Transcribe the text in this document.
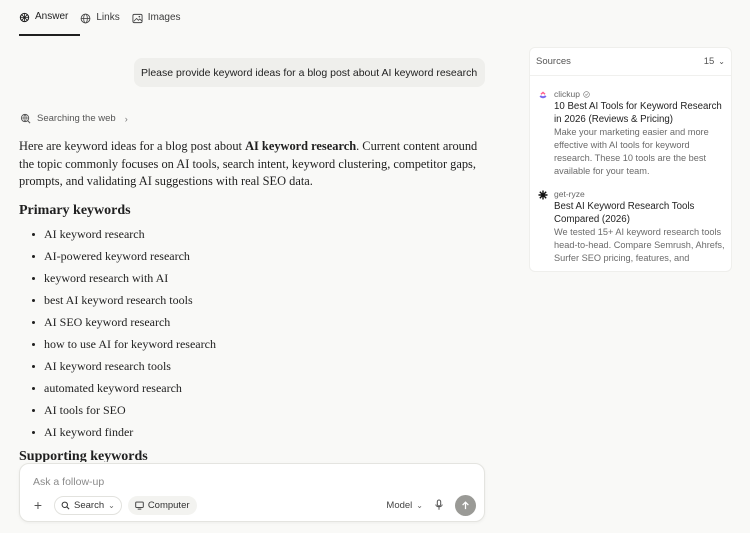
Answer	Links	Images
Please provide keyword ideas for a blog post about AI keyword research
Searching the web ›

Here are keyword ideas for a blog post about AI keyword research. Current content around the topic commonly focuses on AI tools, search intent, keyword clustering, competitor gaps, prompts, and validating AI suggestions with real SEO data.

Primary keywords
AI keyword research
AI-powered keyword research
keyword research with AI
best AI keyword research tools
AI SEO keyword research
how to use AI for keyword research
AI keyword research tools
automated keyword research
AI tools for SEO
AI keyword finder
Supporting keywords
Ask a follow-up
+	Search ⌄	Computer	Model ⌄
Sources	15 ⌄
clickup
10 Best AI Tools for Keyword Research in 2026 (Reviews & Pricing)
Make your marketing easier and more effective with AI tools for keyword research. These 10 tools are the best available for your team.
get-ryze
Best AI Keyword Research Tools Compared (2026)
We tested 15+ AI keyword research tools head-to-head. Compare Semrush, Ahrefs, Surfer SEO pricing, features, and
